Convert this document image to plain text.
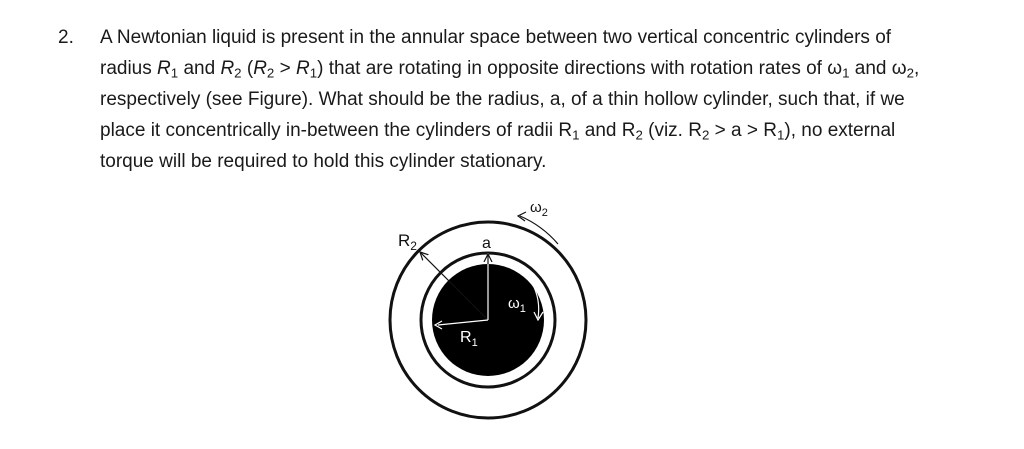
2. A Newtonian liquid is present in the annular space between two vertical concentric cylinders of
radius $R_1$ and $R_2$ $(R_2 > R_1)$ that are rotating in opposite directions with rotation rates of $\omega_1$ and $\omega_2$,
respectively (see Figure). What should be the radius, a, of a thin hollow cylinder, such that, if we
place it concentrically in-between the cylinders of radii $R_1$ and $R_2$ (viz. $R_2 > a > R_1$), no external
torque will be required to hold this cylinder stationary.
$R_2$	a
$R_1$
$\omega_1$
$\omega_2$
